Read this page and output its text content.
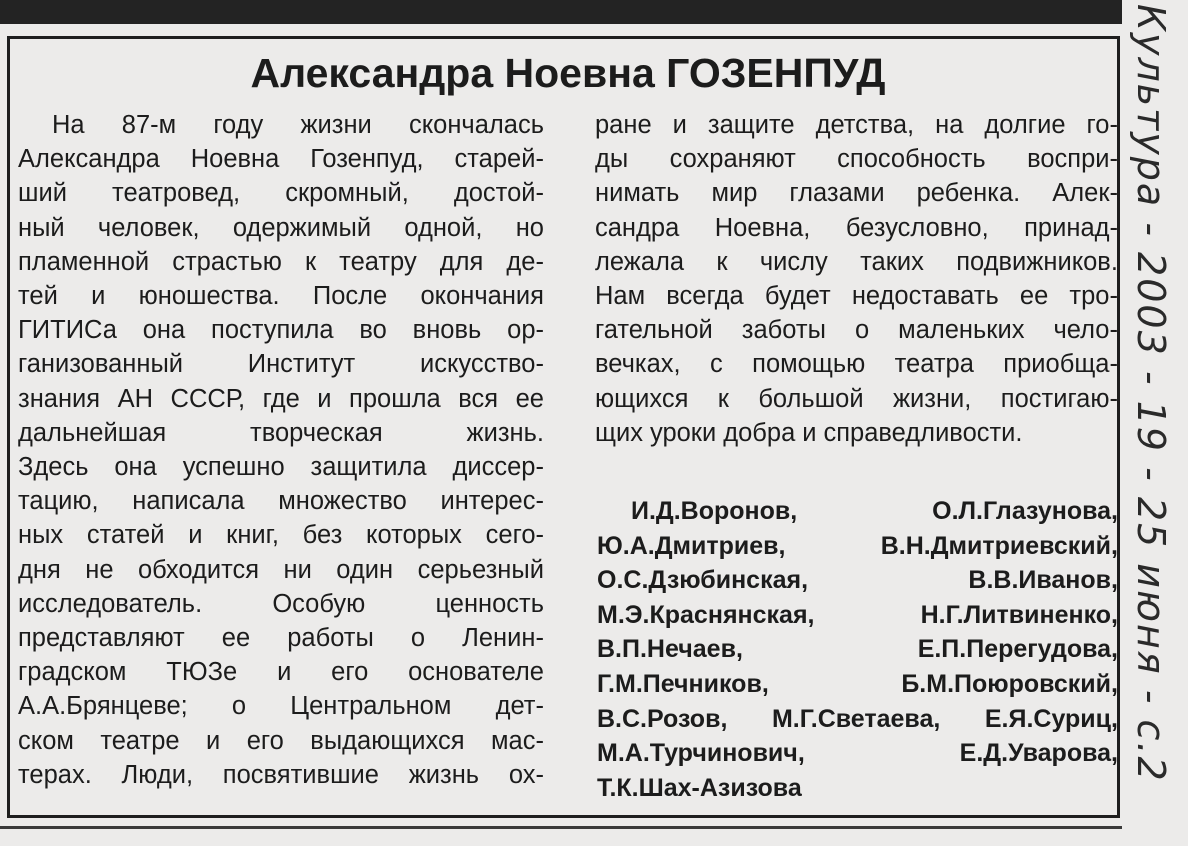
Александра Ноевна ГОЗЕНПУД
На 87-м году жизни скончалась
Александра Ноевна Гозенпуд, старей-
ший театровед, скромный, достой-
ный человек, одержимый одной, но
пламенной страстью к театру для де-
тей и юношества. После окончания
ГИТИСа она поступила во вновь ор-
ганизованный	Институт	искусство-
знания АН СССР, где и прошла вся ее
дальнейшая	творческая	жизнь.
Здесь она успешно защитила диссер-
тацию, написала множество интерес-
ных статей и книг, без которых сего-
дня не обходится ни один серьезный
исследователь.	Особую	ценность
представляют ее работы о Ленин-
градском ТЮЗе и его основателе
А.А.Брянцеве; о Центральном дет-
ском театре и его выдающихся мас-
терах. Люди, посвятившие жизнь ох-
ране и защите детства, на долгие го-
ды сохраняют способность воспри-
нимать мир глазами ребенка. Алек-
сандра Ноевна, безусловно, принад-
лежала к числу таких подвижников.
Нам всегда будет недоставать ее тро-
гательной заботы о маленьких чело-
вечках, с помощью театра приобща-
ющихся к большой жизни, постигаю-
щих уроки добра и справедливости.
И.Д.Воронов,	О.Л.Глазунова,
Ю.А.Дмитриев,	В.Н.Дмитриевский,
О.С.Дзюбинская,	В.В.Иванов,
М.Э.Краснянская,	Н.Г.Литвиненко,
В.П.Нечаев,	Е.П.Перегудова,
Г.М.Печников,	Б.М.Поюровский,
В.С.Розов, М.Г.Светаева, Е.Я.Суриц,
М.А.Турчинович,	Е.Д.Уварова,
Т.К.Шах-Азизова
Культура - 2003 - 19 - 25 июня - с.2
